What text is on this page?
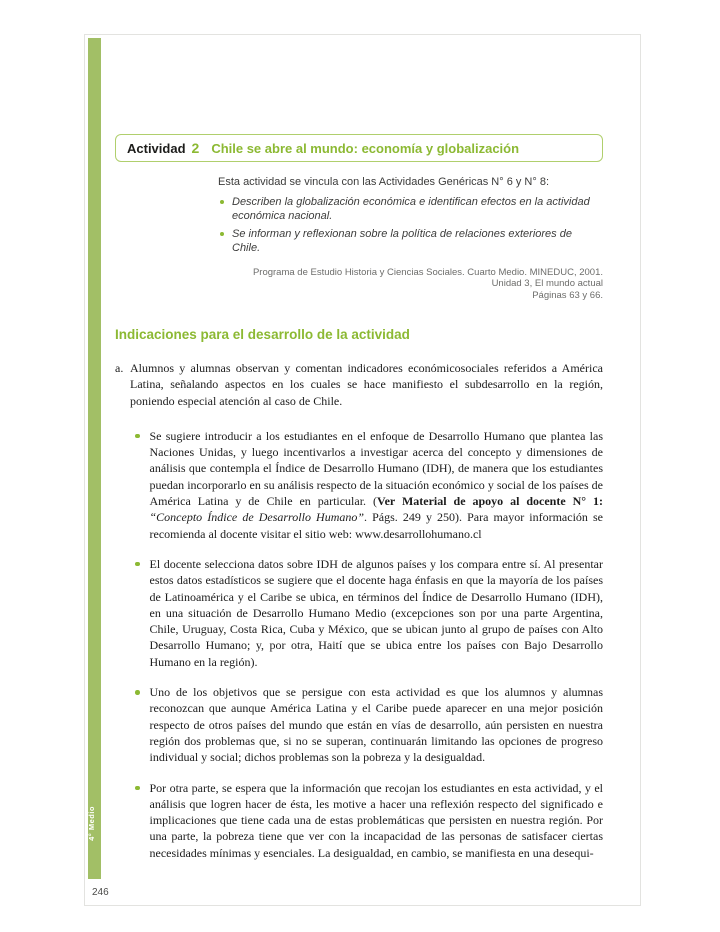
4° Medio
246
Actividad 2 Chile se abre al mundo: economía y globalización
Esta actividad se vincula con las Actividades Genéricas N° 6 y N° 8:
Describen la globalización económica e identifican efectos en la actividad económica nacional.
Se informan y reflexionan sobre la política de relaciones exteriores de Chile.
Programa de Estudio Historia y Ciencias Sociales. Cuarto Medio. MINEDUC, 2001.
Unidad 3, El mundo actual
Páginas 63 y 66.
Indicaciones para el desarrollo de la actividad
a. Alumnos y alumnas observan y comentan indicadores económicosociales referidos a América Latina, señalando aspectos en los cuales se hace manifiesto el subdesarrollo en la región, poniendo especial atención al caso de Chile.
Se sugiere introducir a los estudiantes en el enfoque de Desarrollo Humano que plantea las Naciones Unidas, y luego incentivarlos a investigar acerca del concepto y dimensiones de análisis que contempla el Índice de Desarrollo Humano (IDH), de manera que los estudiantes puedan incorporarlo en su análisis respecto de la situación económico y social de los países de América Latina y de Chile en particular. (Ver Material de apoyo al docente N° 1: “Concepto Índice de Desarrollo Humano”. Págs. 249 y 250). Para mayor información se recomienda al docente visitar el sitio web: www.desarrollohumano.cl
El docente selecciona datos sobre IDH de algunos países y los compara entre sí. Al presentar estos datos estadísticos se sugiere que el docente haga énfasis en que la mayoría de los países de Latinoamérica y el Caribe se ubica, en términos del Índice de Desarrollo Humano (IDH), en una situación de Desarrollo Humano Medio (excepciones son por una parte Argentina, Chile, Uruguay, Costa Rica, Cuba y México, que se ubican junto al grupo de países con Alto Desarrollo Humano; y, por otra, Haití que se ubica entre los países con Bajo Desarrollo Humano en la región).
Uno de los objetivos que se persigue con esta actividad es que los alumnos y alumnas reconozcan que aunque América Latina y el Caribe puede aparecer en una mejor posición respecto de otros países del mundo que están en vías de desarrollo, aún persisten en nuestra región dos problemas que, si no se superan, continuarán limitando las opciones de progreso individual y social; dichos problemas son la pobreza y la desigualdad.
Por otra parte, se espera que la información que recojan los estudiantes en esta actividad, y el análisis que logren hacer de ésta, les motive a hacer una reflexión respecto del significado e implicaciones que tiene cada una de estas problemáticas que persisten en nuestra región. Por una parte, la pobreza tiene que ver con la incapacidad de las personas de satisfacer ciertas necesidades mínimas y esenciales. La desigualdad, en cambio, se manifiesta en una desequi-
